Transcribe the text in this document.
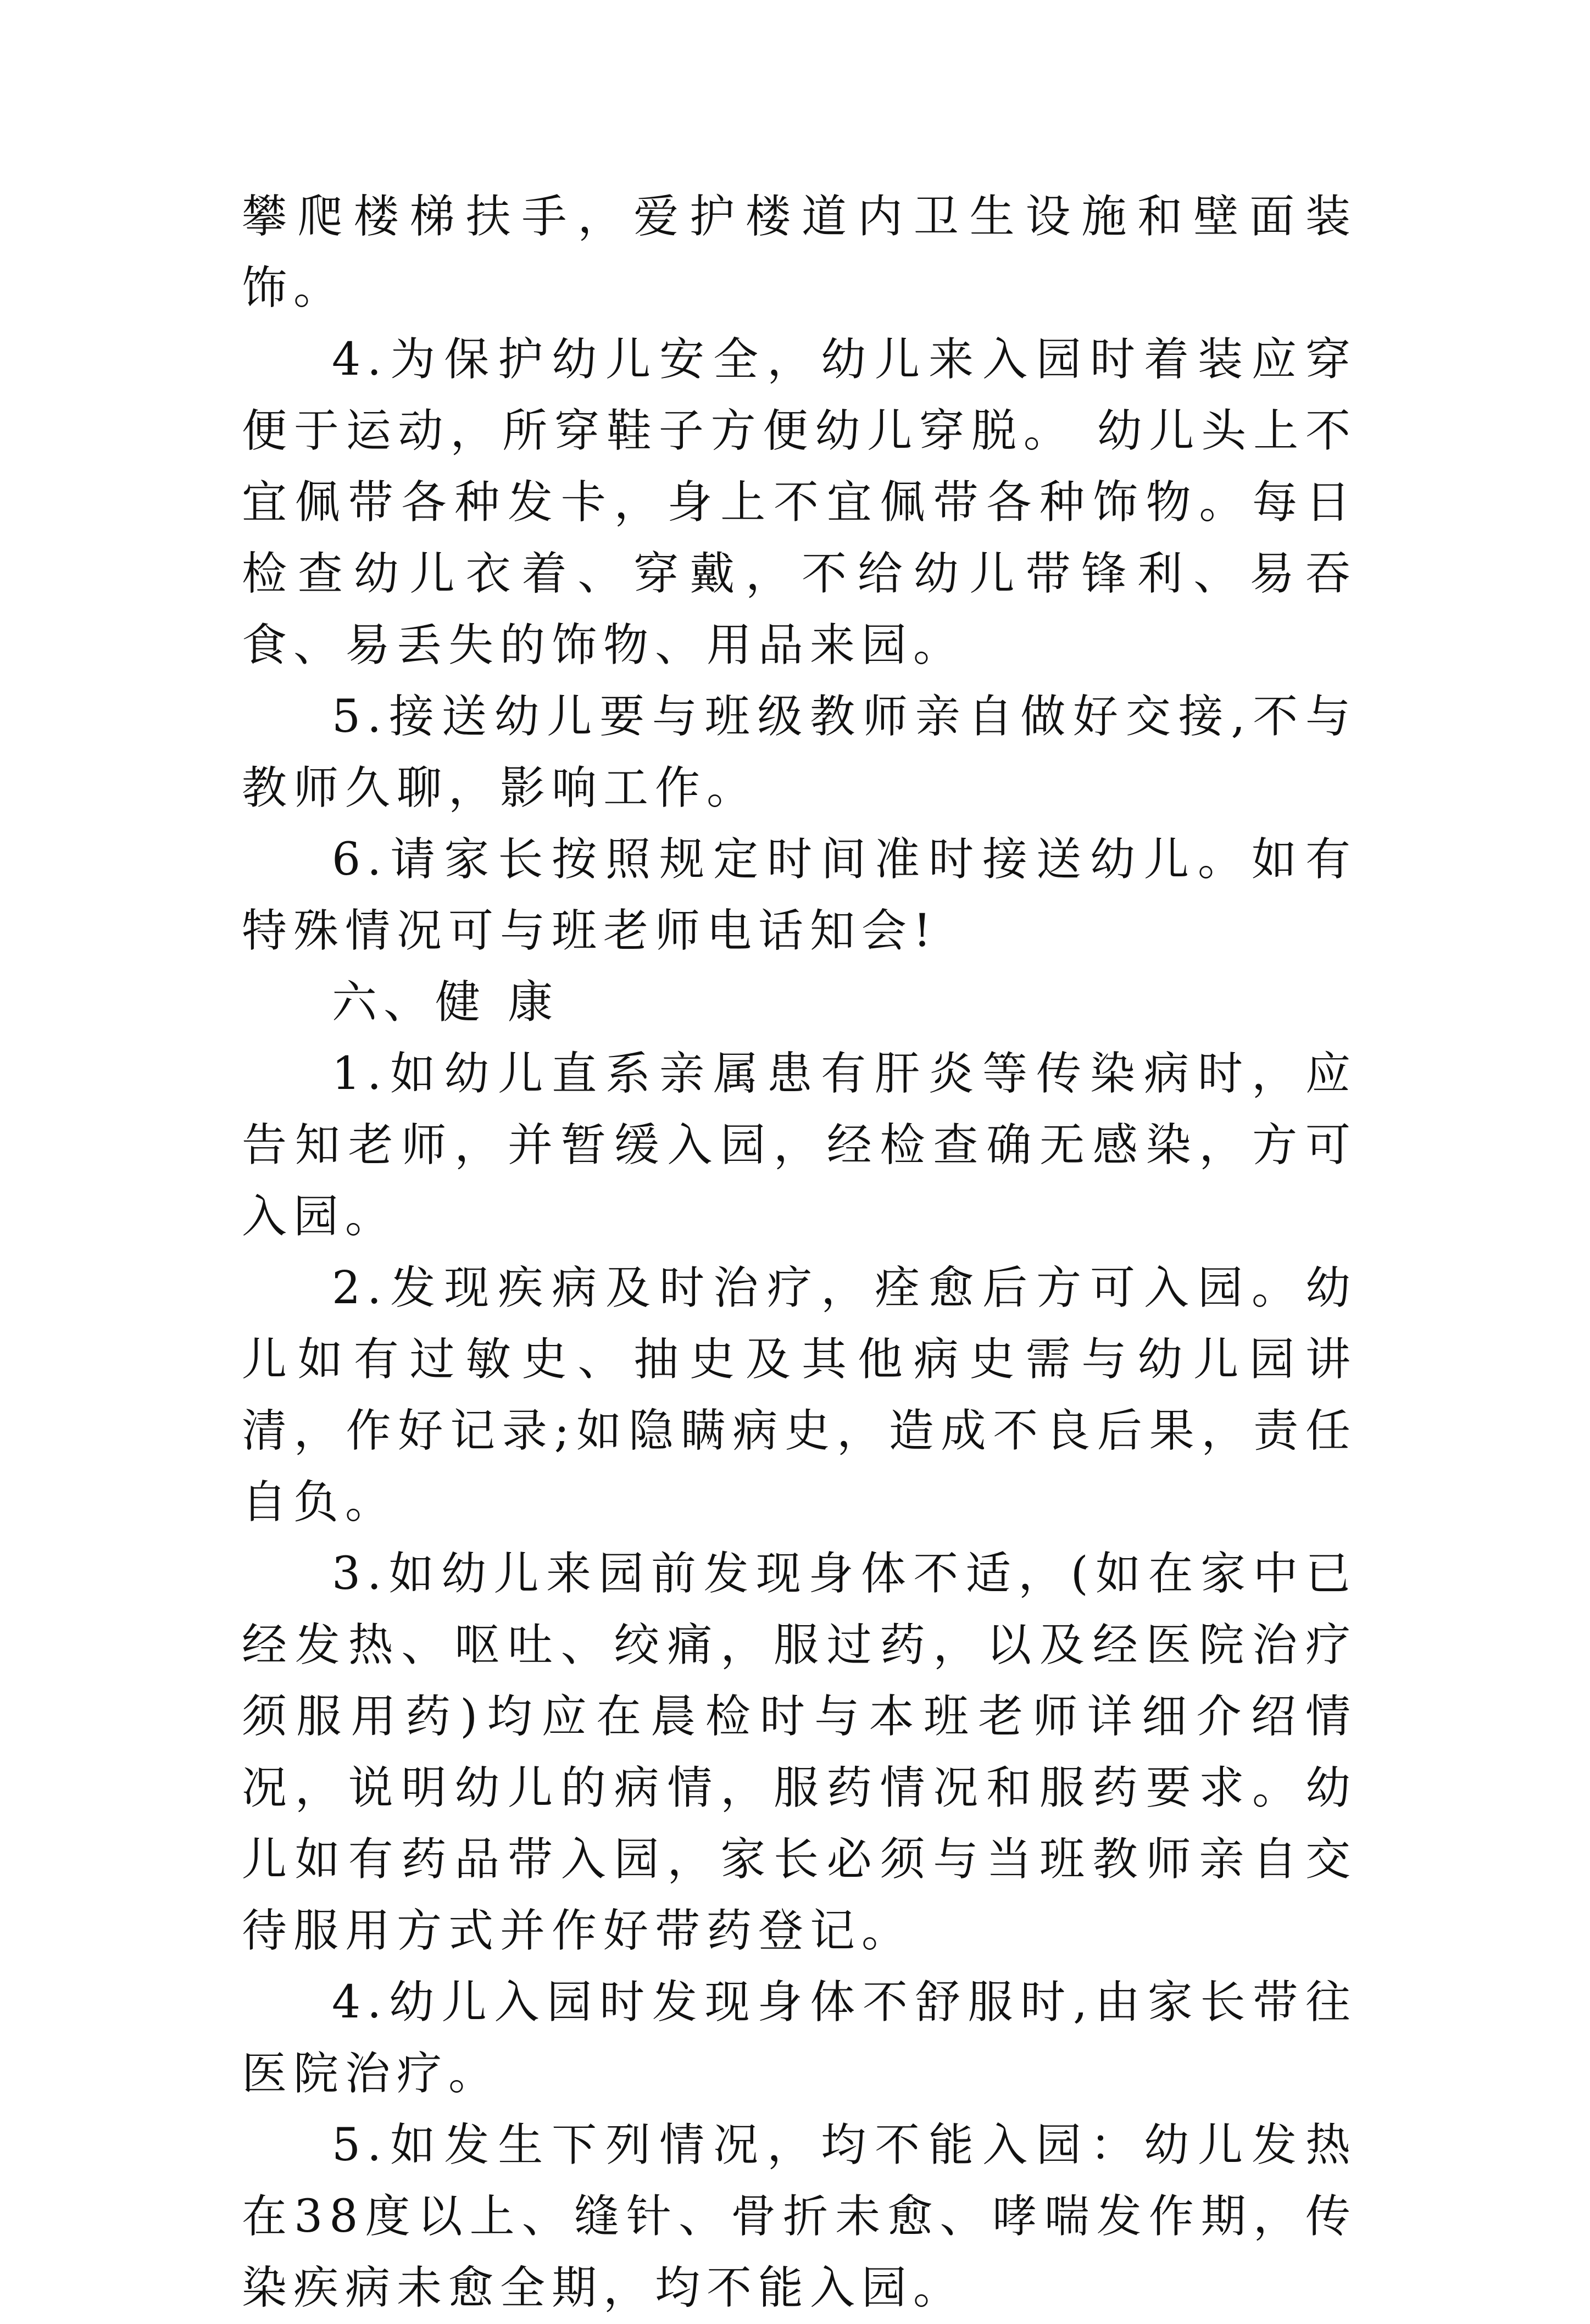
攀爬楼梯扶手，爱护楼道内卫生设施和壁面装饰。

4.为保护幼儿安全，幼儿来入园时着装应穿便于运动，所穿鞋子方便幼儿穿脱。 幼儿头上不宜佩带各种发卡，身上不宜佩带各种饰物。每日检查幼儿衣着、穿戴，不给幼儿带锋利、易吞食、易丢失的饰物、用品来园。

5.接送幼儿要与班级教师亲自做好交接,不与教师久聊，影响工作。

6.请家长按照规定时间准时接送幼儿。如有特殊情况可与班老师电话知会!

六、健 康

1.如幼儿直系亲属患有肝炎等传染病时，应告知老师，并暂缓入园，经检查确无感染，方可入园。

2.发现疾病及时治疗，痊愈后方可入园。幼儿如有过敏史、抽史及其他病史需与幼儿园讲清，作好记录;如隐瞒病史，造成不良后果，责任自负。

3.如幼儿来园前发现身体不适，(如在家中已经发热、呕吐、绞痛，服过药，以及经医院治疗须服用药)均应在晨检时与本班老师详细介绍情况，说明幼儿的病情，服药情况和服药要求。幼儿如有药品带入园，家长必须与当班教师亲自交待服用方式并作好带药登记。

4.幼儿入园时发现身体不舒服时,由家长带往医院治疗。

5.如发生下列情况，均不能入园：幼儿发热在38度以上、缝针、骨折未愈、哮喘发作期，传染疾病未愈全期，均不能入园。
